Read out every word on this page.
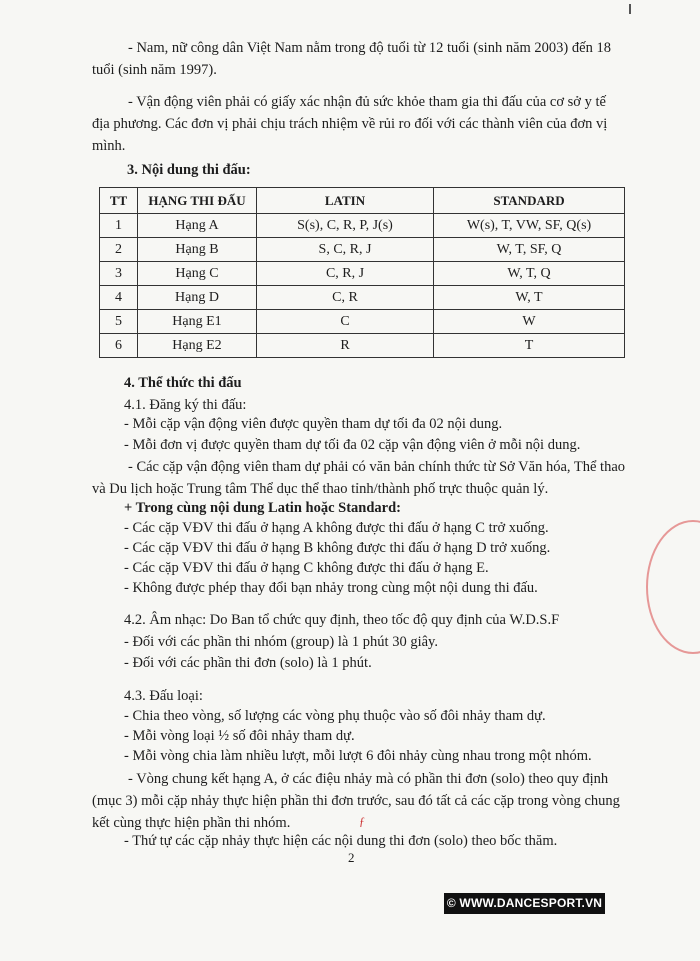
- Nam, nữ công dân Việt Nam nằm trong độ tuổi từ 12 tuổi (sinh năm 2003) đến 18 tuổi (sinh năm 1997).
- Vận động viên phải có giấy xác nhận đủ sức khỏe tham gia thi đấu của cơ sở y tế địa phương. Các đơn vị phải chịu trách nhiệm về rủi ro đối với các thành viên của đơn vị mình.
3. Nội dung thi đấu:
TT	HẠNG THI ĐẤU	LATIN	STANDARD
1	Hạng A	S(s), C, R, P, J(s)	W(s), T, VW, SF, Q(s)
2	Hạng B	S, C, R, J	W, T, SF, Q
3	Hạng C	C, R, J	W, T, Q
4	Hạng D	C, R	W, T
5	Hạng E1	C	W
6	Hạng E2	R	T
4. Thể thức thi đấu
4.1. Đăng ký thi đấu:
- Mỗi cặp vận động viên được quyền tham dự tối đa 02 nội dung.
- Mỗi đơn vị được quyền tham dự tối đa 02 cặp vận động viên ở mỗi nội dung.
- Các cặp vận động viên tham dự phải có văn bản chính thức từ Sở Văn hóa, Thể thao và Du lịch hoặc Trung tâm Thể dục thể thao tỉnh/thành phố trực thuộc quản lý.
+ Trong cùng nội dung Latin hoặc Standard:
- Các cặp VĐV thi đấu ở hạng A không được thi đấu ở hạng C trở xuống.
- Các cặp VĐV thi đấu ở hạng B không được thi đấu ở hạng D trở xuống.
- Các cặp VĐV thi đấu ở hạng C không được thi đấu ở hạng E.
- Không được phép thay đổi bạn nhảy trong cùng một nội dung thi đấu.
4.2. Âm nhạc: Do Ban tổ chức quy định, theo tốc độ quy định của W.D.S.F
- Đối với các phần thi nhóm (group) là 1 phút 30 giây.
- Đối với các phần thi đơn (solo) là 1 phút.
4.3. Đấu loại:
- Chia theo vòng, số lượng các vòng phụ thuộc vào số đôi nhảy tham dự.
- Mỗi vòng loại ½ số đôi nhảy tham dự.
- Mỗi vòng chia làm nhiều lượt, mỗi lượt 6 đôi nhảy cùng nhau trong một nhóm.
- Vòng chung kết hạng A, ở các điệu nhảy mà có phần thi đơn (solo) theo quy định (mục 3) mỗi cặp nhảy thực hiện phần thi đơn trước, sau đó tất cả các cặp trong vòng chung kết cùng thực hiện phần thi nhóm.	ƒ
- Thứ tự các cặp nhảy thực hiện các nội dung thi đơn (solo) theo bốc thăm.
2
© WWW.DANCESPORT.VN
